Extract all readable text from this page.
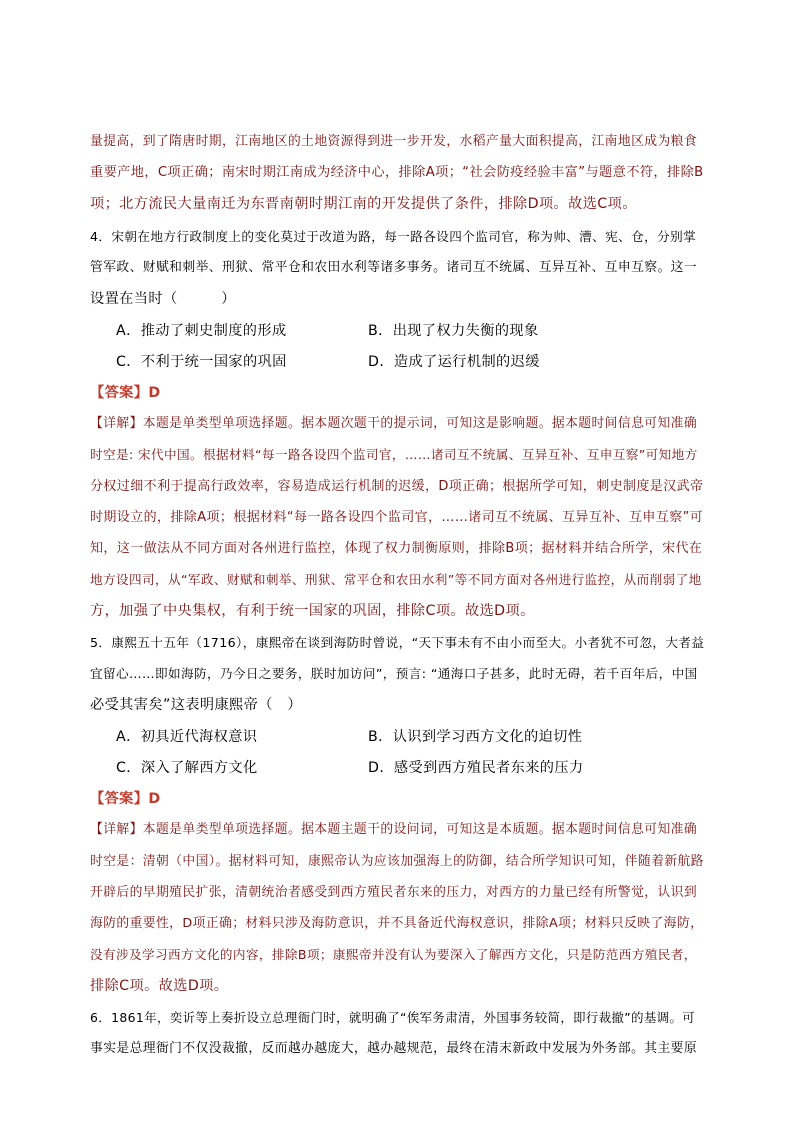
量提高，到了隋唐时期，江南地区的土地资源得到进一步开发，水稻产量大面积提高，江南地区成为粮食
重要产地，C项正确；南宋时期江南成为经济中心，排除A项；“社会防疫经验丰富”与题意不符，排除B
项；北方流民大量南迁为东晋南朝时期江南的开发提供了条件，排除D项。故选C项。
4．宋朝在地方行政制度上的变化莫过于改道为路，每一路各设四个监司官，称为帅、漕、宪、仓，分别掌
管军政、财赋和刺举、刑狱、常平仓和农田水利等诸多事务。诸司互不统属、互异互补、互申互察。这一
设置在当时（　　　）
A．推动了刺史制度的形成	B．出现了权力失衡的现象
C．不利于统一国家的巩固	D．造成了运行机制的迟缓
【答案】D
【详解】本题是单类型单项选择题。据本题次题干的提示词，可知这是影响题。据本题时间信息可知准确
时空是: 宋代中国。根据材料“每一路各设四个监司官，……诸司互不统属、互异互补、互申互察”可知地方
分权过细不利于提高行政效率，容易造成运行机制的迟缓，D项正确；根据所学可知，刺史制度是汉武帝
时期设立的，排除A项；根据材料“每一路各设四个监司官，……诸司互不统属、互异互补、互申互察”可
知，这一做法从不同方面对各州进行监控，体现了权力制衡原则，排除B项；据材料并结合所学，宋代在
地方设四司，从“军政、财赋和刺举、刑狱、常平仓和农田水利”等不同方面对各州进行监控，从而削弱了地
方，加强了中央集权，有利于统一国家的巩固，排除C项。故选D项。
5．康熙五十五年（1716），康熙帝在谈到海防时曾说，“天下事未有不由小而至大。小者犹不可忽，大者益
宜留心……即如海防，乃今日之要务，朕时加访问”，预言: “通海口子甚多，此时无碍，若千百年后，中国
必受其害矣”这表明康熙帝（　）
A．初具近代海权意识	B．认识到学习西方文化的迫切性
C．深入了解西方文化	D．感受到西方殖民者东来的压力
【答案】D
【详解】本题是单类型单项选择题。据本题主题干的设问词，可知这是本质题。据本题时间信息可知准确
时空是：清朝（中国）。据材料可知，康熙帝认为应该加强海上的防御，结合所学知识可知，伴随着新航路
开辟后的早期殖民扩张，清朝统治者感受到西方殖民者东来的压力，对西方的力量已经有所警觉，认识到
海防的重要性，D项正确；材料只涉及海防意识，并不具备近代海权意识，排除A项；材料只反映了海防，
没有涉及学习西方文化的内容，排除B项；康熙帝并没有认为要深入了解西方文化，只是防范西方殖民者，
排除C项。故选D项。
6．1861年，奕䜣等上奏折设立总理衙门时，就明确了“俟军务肃清，外国事务较简，即行裁撤”的基调。可
事实是总理衙门不仅没裁撤，反而越办越庞大，越办越规范，最终在清末新政中发展为外务部。其主要原
